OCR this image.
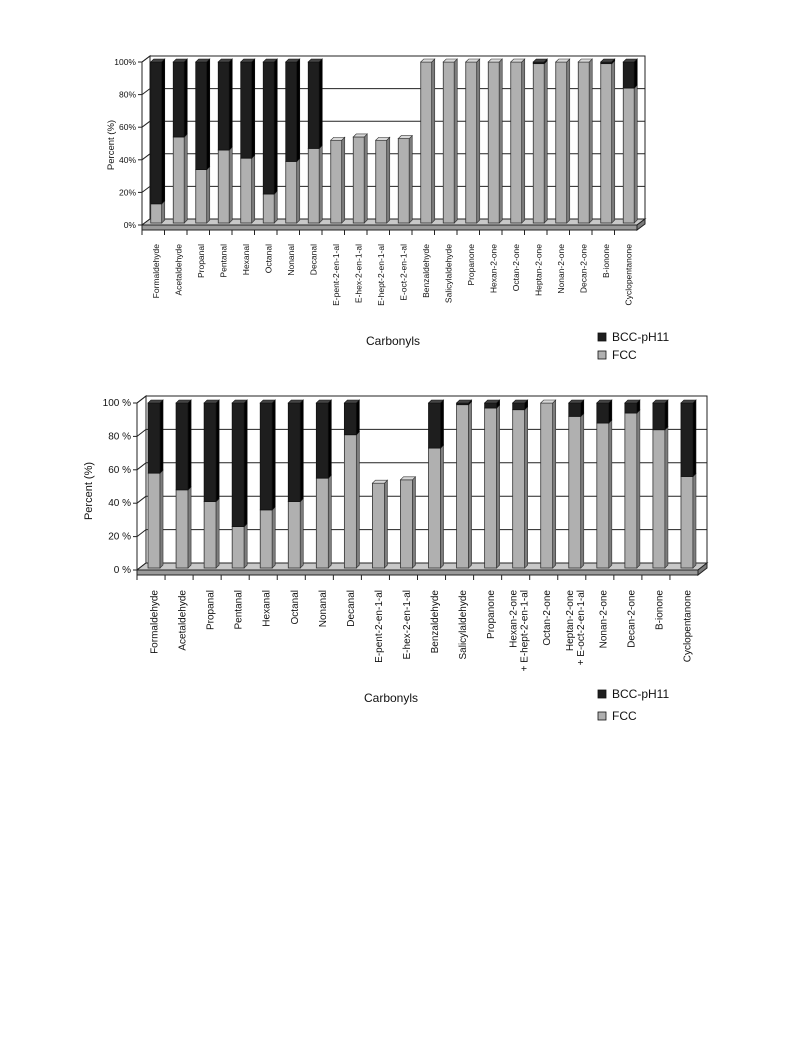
0%
20%
40%
60%
80%
100%
Formaldehyde Acetaldehyde Propanal Pentanal Hexanal Octanal Nonanal Decanal E-pent-2-en-1-al E-hex-2-en-1-al E-hept-2-en-1-al E-oct-2-en-1-al Benzaldehyde Salicylaldehyde Propanone Hexan-2-one Octan-2-one Heptan-2-one Nonan-2-one Decan-2-one B-ionone Cyclopentanone
Carbonyls
Percent (%)
BCC-pH11
FCC
0 %
20 %
40 %
60 %
80 %
100 %
Formaldehyde Acetaldehyde Propanal Pentanal Hexanal Octanal Nonanal Decanal E-pent-2-en-1-al E-hex-2-en-1-al Benzaldehyde Salicylaldehyde Propanone Hexan-2-one+ E-hept-2-en-1-al Octan-2-one Heptan-2-one+ E-oct-2-en-1-al Nonan-2-one Decan-2-one B-ionone Cyclopentanone
Carbonyls
Percent (%)
BCC-pH11
FCC
